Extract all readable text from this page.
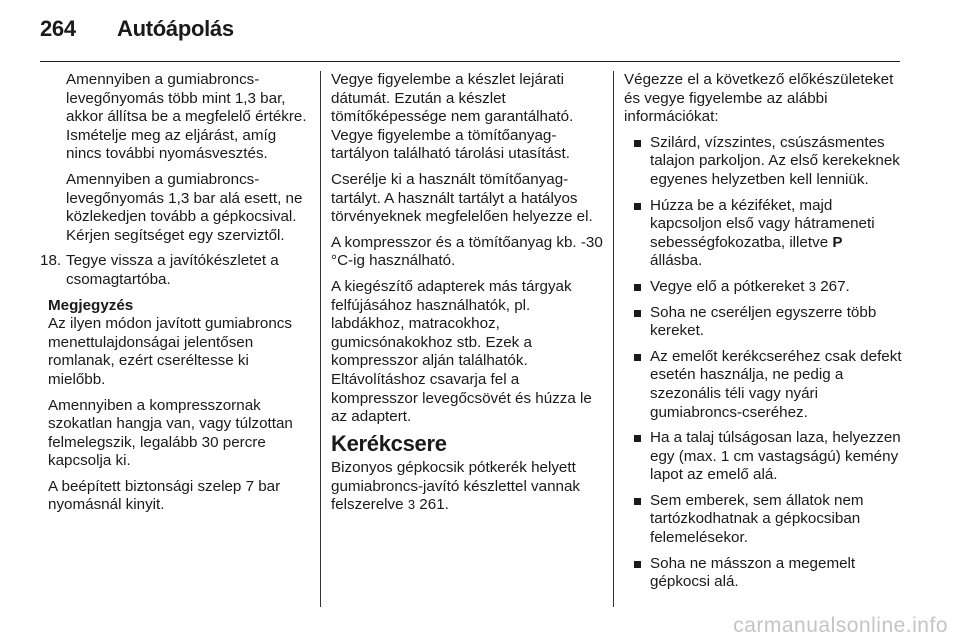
264 Autóápolás

Amennyiben a gumiabroncs-levegőnyomás több mint 1,3 bar, akkor állítsa be a megfelelő értékre. Ismételje meg az eljárást, amíg nincs további nyomásvesztés.

Amennyiben a gumiabroncs-levegőnyomás 1,3 bar alá esett, ne közlekedjen tovább a gépkocsival. Kérjen segítséget egy szerviztől.

18. Tegye vissza a javítókészletet a csomagtartóba.

Megjegyzés

Az ilyen módon javított gumiabroncs menettulajdonságai jelentősen romlanak, ezért cseréltesse ki mielőbb.

Amennyiben a kompresszornak szokatlan hangja van, vagy túlzottan felmelegszik, legalább 30 percre kapcsolja ki.

A beépített biztonsági szelep 7 bar nyomásnál kinyit.

Vegye figyelembe a készlet lejárati dátumát. Ezután a készlet tömítőképessége nem garantálható. Vegye figyelembe a tömítőanyag-tartályon található tárolási utasítást.

Cserélje ki a használt tömítőanyag-tartályt. A használt tartályt a hatályos törvényeknek megfelelően helyezze el.

A kompresszor és a tömítőanyag kb. -30 °C-ig használható.

A kiegészítő adapterek más tárgyak felfújásához használhatók, pl. labdákhoz, matracokhoz, gumicsónakokhoz stb. Ezek a kompresszor alján találhatók. Eltávolításhoz csavarja fel a kompresszor levegőcsövét és húzza le az adaptert.

Kerékcsere

Bizonyos gépkocsik pótkerék helyett gumiabroncs-javító készlettel vannak felszerelve 3 261.

Végezze el a következő előkészületeket és vegye figyelembe az alábbi információkat:

Szilárd, vízszintes, csúszásmentes talajon parkoljon. Az első kerekeknek egyenes helyzetben kell lenniük.
Húzza be a kéziféket, majd kapcsoljon első vagy hátrameneti sebességfokozatba, illetve P
állásba.
Vegye elő a pótkereket 3 267.
Soha ne cseréljen egyszerre több kereket.
Az emelőt kerékcseréhez csak defekt esetén használja, ne pedig a szezonális téli vagy nyári gumiabroncs-cseréhez.
Ha a talaj túlságosan laza, helyezzen egy (max. 1 cm vastagságú) kemény lapot az emelő alá.
Sem emberek, sem állatok nem tartózkodhatnak a gépkocsiban felemelésekor.
Soha ne másszon a megemelt gépkocsi alá.
carmanualsonline.info
